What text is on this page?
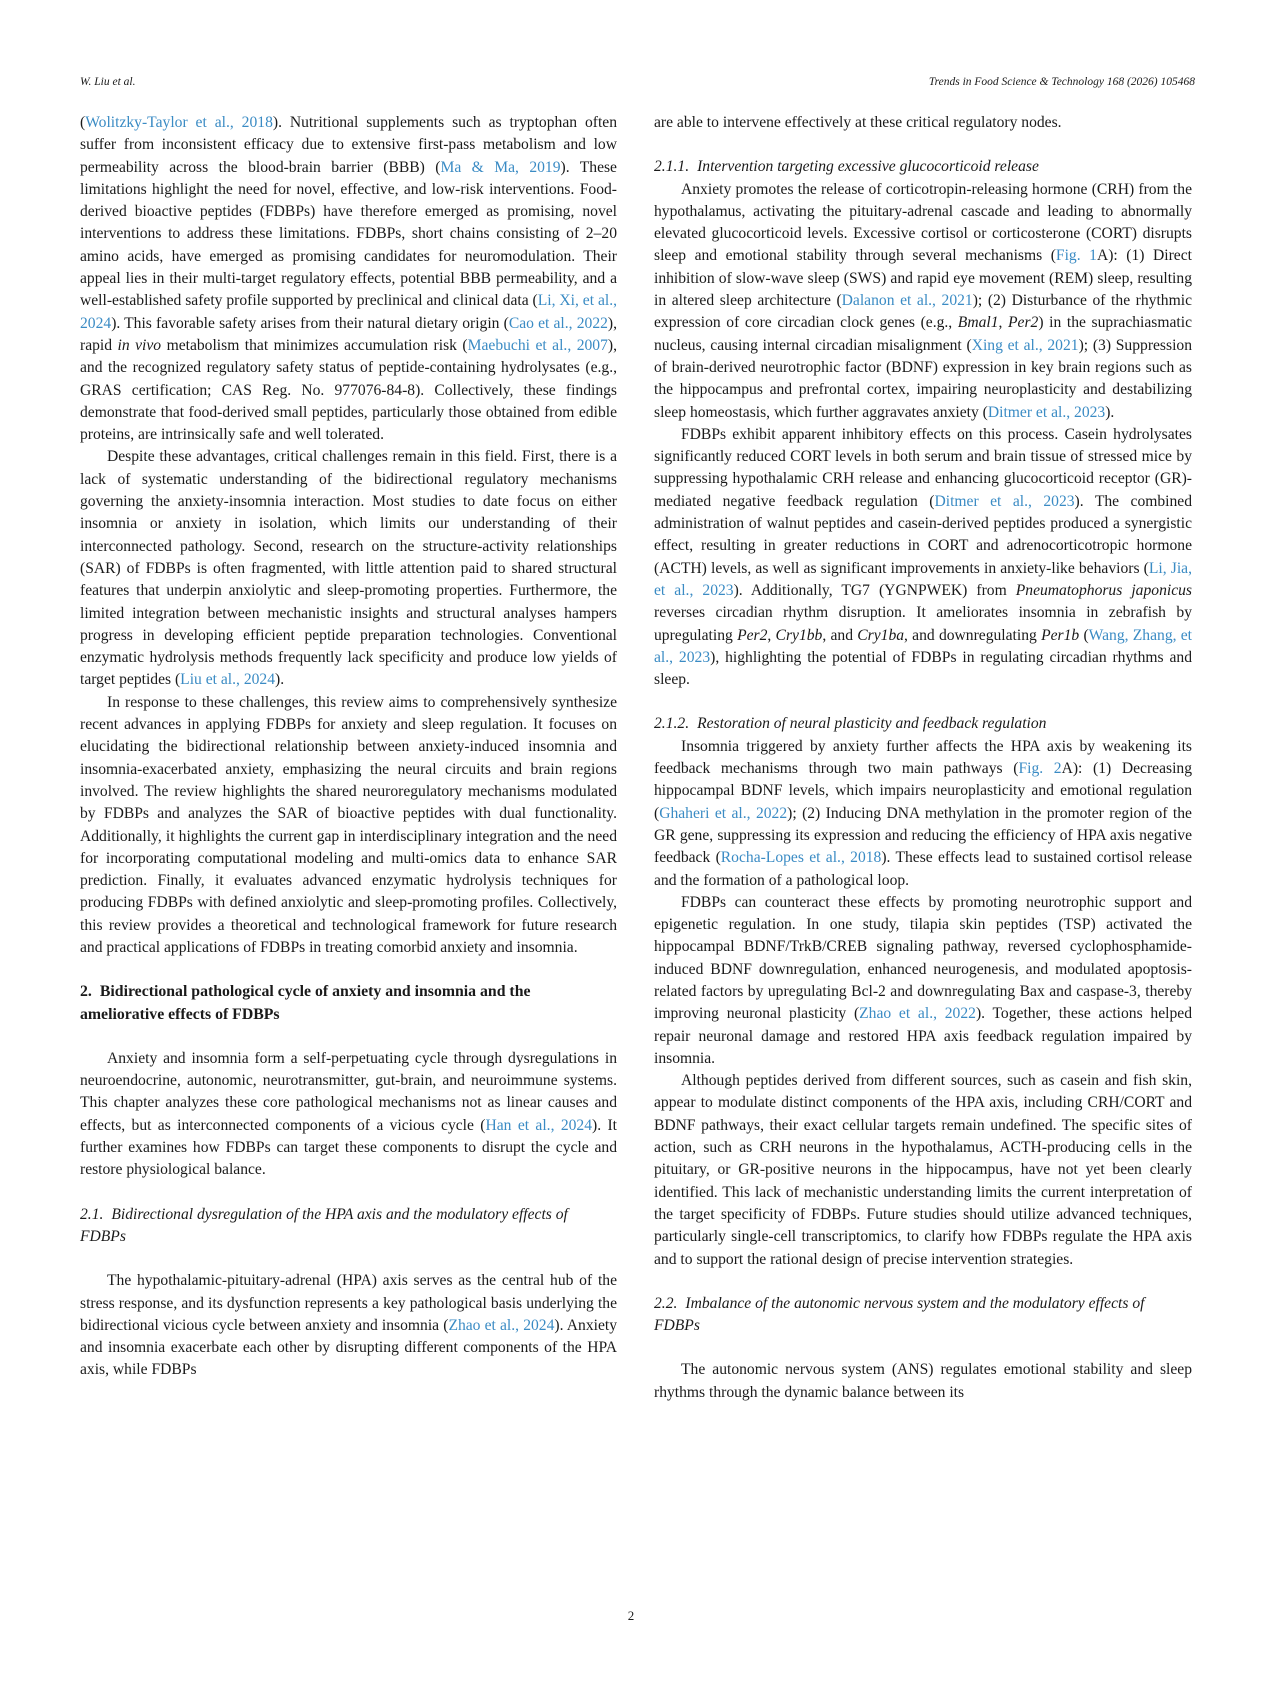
W. Liu et al.	Trends in Food Science & Technology 168 (2026) 105468

(Wolitzky-Taylor et al., 2018). Nutritional supplements such as tryptophan often suffer from inconsistent efficacy due to extensive first-pass metabolism and low permeability across the blood-brain barrier (BBB) (Ma & Ma, 2019). These limitations highlight the need for novel, effective, and low-risk interventions. Food-derived bioactive peptides (FDBPs) have therefore emerged as promising, novel interventions to address these limitations. FDBPs, short chains consisting of 2–20 amino acids, have emerged as promising candidates for neuromodulation. Their appeal lies in their multi-target regulatory effects, potential BBB permeability, and a well-established safety profile supported by preclinical and clinical data (Li, Xi, et al., 2024). This favorable safety arises from their natural dietary origin (Cao et al., 2022), rapid in vivo metabolism that minimizes accumulation risk (Maebuchi et al., 2007), and the recognized regulatory safety status of peptide-containing hydrolysates (e.g., GRAS certification; CAS Reg. No. 977076-84-8). Collectively, these findings demonstrate that food-derived small peptides, particularly those obtained from edible proteins, are intrinsically safe and well tolerated.

Despite these advantages, critical challenges remain in this field. First, there is a lack of systematic understanding of the bidirectional regulatory mechanisms governing the anxiety-insomnia interaction. Most studies to date focus on either insomnia or anxiety in isolation, which limits our understanding of their interconnected pathology. Second, research on the structure-activity relationships (SAR) of FDBPs is often fragmented, with little attention paid to shared structural features that underpin anxiolytic and sleep-promoting properties. Furthermore, the limited integration between mechanistic insights and structural analyses hampers progress in developing efficient peptide preparation technologies. Conventional enzymatic hydrolysis methods frequently lack specificity and produce low yields of target peptides (Liu et al., 2024).

In response to these challenges, this review aims to comprehensively synthesize recent advances in applying FDBPs for anxiety and sleep regulation. It focuses on elucidating the bidirectional relationship between anxiety-induced insomnia and insomnia-exacerbated anxiety, emphasizing the neural circuits and brain regions involved. The review highlights the shared neuroregulatory mechanisms modulated by FDBPs and analyzes the SAR of bioactive peptides with dual functionality. Additionally, it highlights the current gap in interdisciplinary integration and the need for incorporating computational modeling and multi-omics data to enhance SAR prediction. Finally, it evaluates advanced enzymatic hydrolysis techniques for producing FDBPs with defined anxiolytic and sleep-promoting profiles. Collectively, this review provides a theoretical and technological framework for future research and practical applications of FDBPs in treating comorbid anxiety and insomnia.

2. Bidirectional pathological cycle of anxiety and insomnia and the ameliorative effects of FDBPs

Anxiety and insomnia form a self-perpetuating cycle through dysregulations in neuroendocrine, autonomic, neurotransmitter, gut-brain, and neuroimmune systems. This chapter analyzes these core pathological mechanisms not as linear causes and effects, but as interconnected components of a vicious cycle (Han et al., 2024). It further examines how FDBPs can target these components to disrupt the cycle and restore physiological balance.

2.1. Bidirectional dysregulation of the HPA axis and the modulatory effects of FDBPs

The hypothalamic-pituitary-adrenal (HPA) axis serves as the central hub of the stress response, and its dysfunction represents a key pathological basis underlying the bidirectional vicious cycle between anxiety and insomnia (Zhao et al., 2024). Anxiety and insomnia exacerbate each other by disrupting different components of the HPA axis, while FDBPs

are able to intervene effectively at these critical regulatory nodes.

2.1.1. Intervention targeting excessive glucocorticoid release

Anxiety promotes the release of corticotropin-releasing hormone (CRH) from the hypothalamus, activating the pituitary-adrenal cascade and leading to abnormally elevated glucocorticoid levels. Excessive cortisol or corticosterone (CORT) disrupts sleep and emotional stability through several mechanisms (Fig. 1A): (1) Direct inhibition of slow-wave sleep (SWS) and rapid eye movement (REM) sleep, resulting in altered sleep architecture (Dalanon et al., 2021); (2) Disturbance of the rhythmic expression of core circadian clock genes (e.g., Bmal1, Per2) in the suprachiasmatic nucleus, causing internal circadian misalignment (Xing et al., 2021); (3) Suppression of brain-derived neurotrophic factor (BDNF) expression in key brain regions such as the hippocampus and prefrontal cortex, impairing neuroplasticity and destabilizing sleep homeostasis, which further aggravates anxiety (Ditmer et al., 2023).

FDBPs exhibit apparent inhibitory effects on this process. Casein hydrolysates significantly reduced CORT levels in both serum and brain tissue of stressed mice by suppressing hypothalamic CRH release and enhancing glucocorticoid receptor (GR)-mediated negative feedback regulation (Ditmer et al., 2023). The combined administration of walnut peptides and casein-derived peptides produced a synergistic effect, resulting in greater reductions in CORT and adrenocorticotropic hormone (ACTH) levels, as well as significant improvements in anxiety-like behaviors (Li, Jia, et al., 2023). Additionally, TG7 (YGNPWEK) from Pneumatophorus japonicus reverses circadian rhythm disruption. It ameliorates insomnia in zebrafish by upregulating Per2, Cry1bb, and Cry1ba, and downregulating Per1b (Wang, Zhang, et al., 2023), highlighting the potential of FDBPs in regulating circadian rhythms and sleep.

2.1.2. Restoration of neural plasticity and feedback regulation

Insomnia triggered by anxiety further affects the HPA axis by weakening its feedback mechanisms through two main pathways (Fig. 2A): (1) Decreasing hippocampal BDNF levels, which impairs neuroplasticity and emotional regulation (Ghaheri et al., 2022); (2) Inducing DNA methylation in the promoter region of the GR gene, suppressing its expression and reducing the efficiency of HPA axis negative feedback (Rocha-Lopes et al., 2018). These effects lead to sustained cortisol release and the formation of a pathological loop.

FDBPs can counteract these effects by promoting neurotrophic support and epigenetic regulation. In one study, tilapia skin peptides (TSP) activated the hippocampal BDNF/TrkB/CREB signaling pathway, reversed cyclophosphamide-induced BDNF downregulation, enhanced neurogenesis, and modulated apoptosis-related factors by upregulating Bcl-2 and downregulating Bax and caspase-3, thereby improving neuronal plasticity (Zhao et al., 2022). Together, these actions helped repair neuronal damage and restored HPA axis feedback regulation impaired by insomnia.

Although peptides derived from different sources, such as casein and fish skin, appear to modulate distinct components of the HPA axis, including CRH/CORT and BDNF pathways, their exact cellular targets remain undefined. The specific sites of action, such as CRH neurons in the hypothalamus, ACTH-producing cells in the pituitary, or GR-positive neurons in the hippocampus, have not yet been clearly identified. This lack of mechanistic understanding limits the current interpretation of the target specificity of FDBPs. Future studies should utilize advanced techniques, particularly single-cell transcriptomics, to clarify how FDBPs regulate the HPA axis and to support the rational design of precise intervention strategies.

2.2. Imbalance of the autonomic nervous system and the modulatory effects of FDBPs

The autonomic nervous system (ANS) regulates emotional stability and sleep rhythms through the dynamic balance between its

2
